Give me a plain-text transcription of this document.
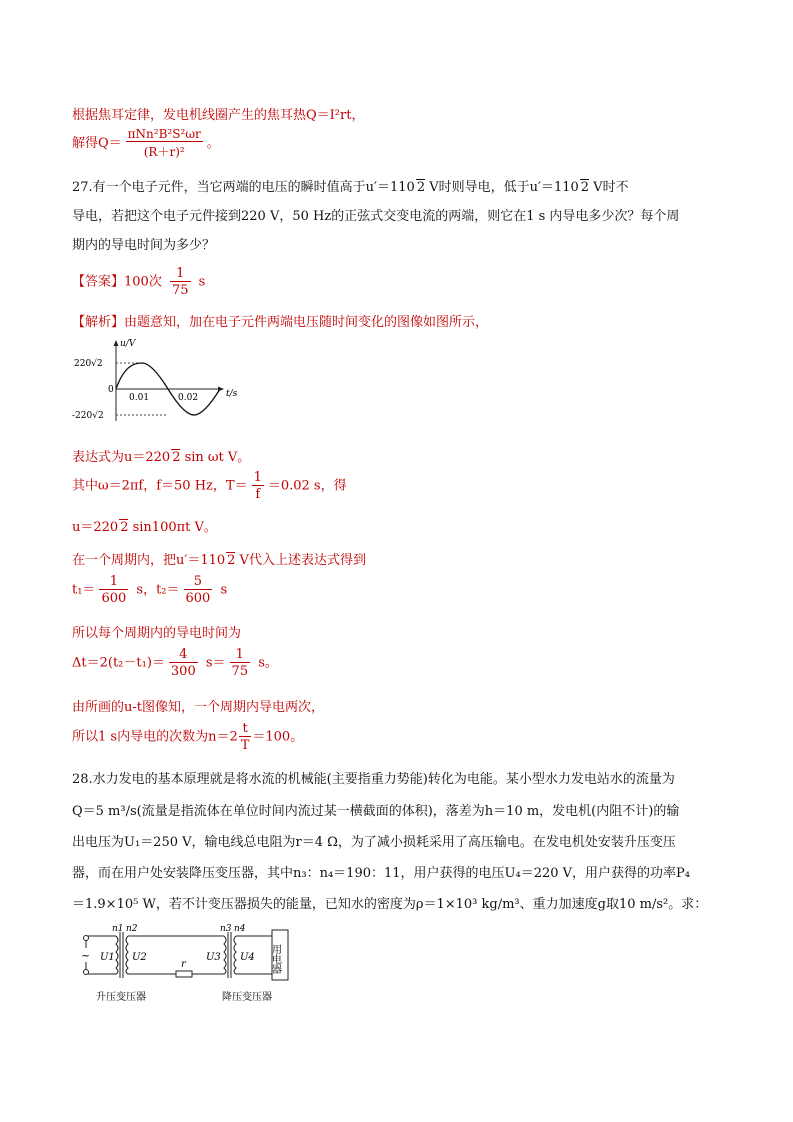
根据焦耳定律，发电机线圈产生的焦耳热Q＝I²rt，
解得$Q= \frac{\text{πNn²B²S²ωr}}{\text{(R＋r)²}}$ 。
27.有一个电子元件，当它两端的电压的瞬时值高于u′＝110 2 V时则导电，低于u′＝110 2 V时不
导电，若把这个电子元件接到220 V，50 Hz的正弦式交变电流的两端，则它在1 s 内导电多少次？每个周
期内的导电时间为多少？
【答案】100次 $\frac{1}{75}$ s
【解析】由题意知，加在电子元件两端电压随时间变化的图像如图所示，
u/V
t/s
220√2
0
-220√2
0.01	0.02
表达式为u＝220 2 sin ωt V。
其中ω＝2πf，f＝50 Hz，$T= \frac{1}{f} =0.02$ s，得
u＝220 2 sin100πt V。
在一个周期内，把u′＝110 2 V代入上述表达式得到
$t_1= \frac{1}{600}$ s，$t_2= \frac{5}{600}$ s
所以每个周期内的导电时间为
$\Delta t=2(t_2-t_1)= \frac{4}{300} s= \frac{1}{75}$ s。
由所画的u-t图像知，一个周期内导电两次，
所以1 s内导电的次数为$n=2 \frac{t}{T} =100$。
28.水力发电的基本原理就是将水流的机械能(主要指重力势能)转化为电能。某小型水力发电站水的流量为
Q＝5 m³/s(流量是指流体在单位时间内流过某一横截面的体积)，落差为h＝10 m，发电机(内阻不计)的输
出电压为U₁＝250 V，输电线总电阻为r＝4 Ω，为了减小损耗采用了高压输电。在发电机处安装升压变压
器，而在用户处安装降压变压器，其中n₃：n₄＝190：11，用户获得的电压U₄＝220 V，用户获得的功率P₄
＝1.9×10⁵ W，若不计变压器损失的能量，已知水的密度为ρ＝1×10³ kg/m³、重力加速度g取10 m/s²。求：
~ U1 U2
n1 n2
r
U3 U4
n3 n4
用电器
升压变压器	降压变压器
